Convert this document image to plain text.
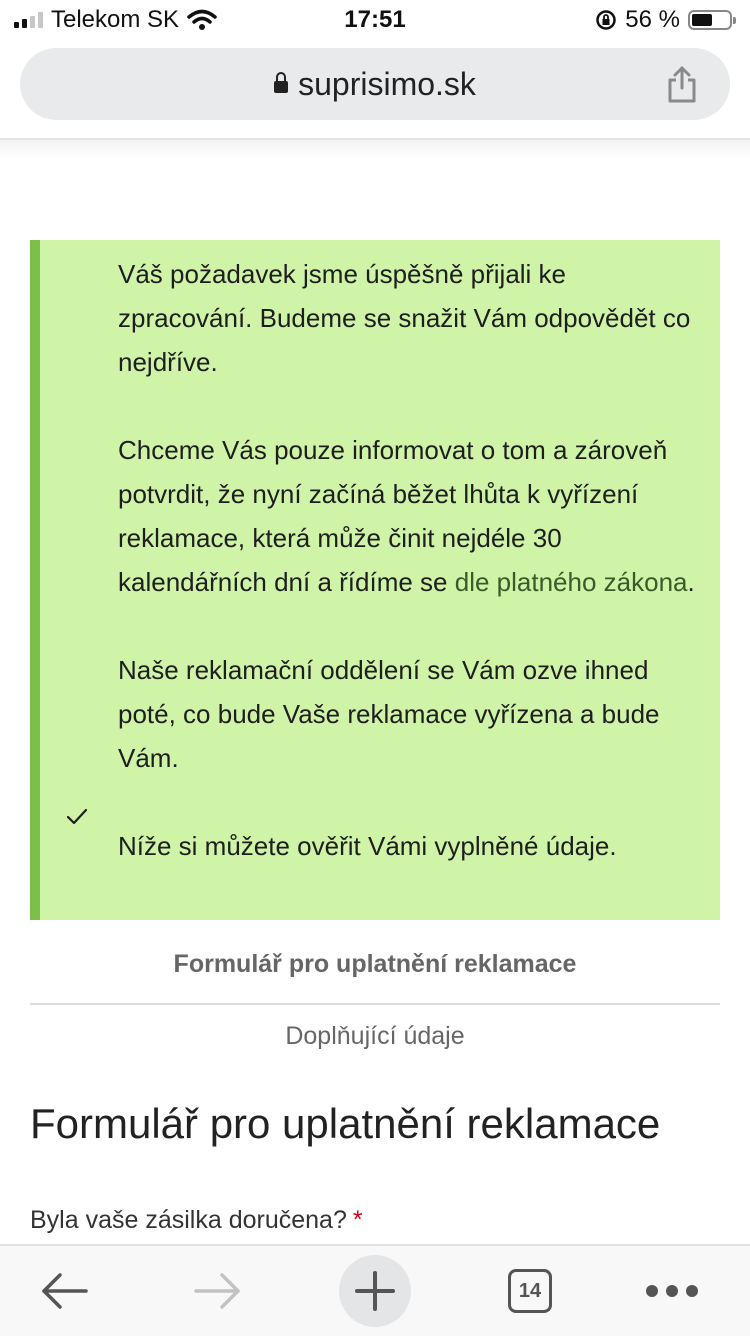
Telekom SK	17:51	56 %
suprisimo.sk

Váš požadavek jsme úspěšně přijali ke zpracování. Budeme se snažit Vám odpovědět co nejdříve.

Chceme Vás pouze informovat o tom a zároveň potvrdit, že nyní začíná běžet lhůta k vyřízení reklamace, která může činit nejdéle 30 kalendářních dní a řídíme se dle platného zákona.

Naše reklamační oddělení se Vám ozve ihned poté, co bude Vaše reklamace vyřízena a bude Vám.

Níže si můžete ověřit Vámi vyplněné údaje.

Formulář pro uplatnění reklamace
Doplňující údaje
Formulář pro uplatnění reklamace
Byla vaše zásilka doručena? *
14
